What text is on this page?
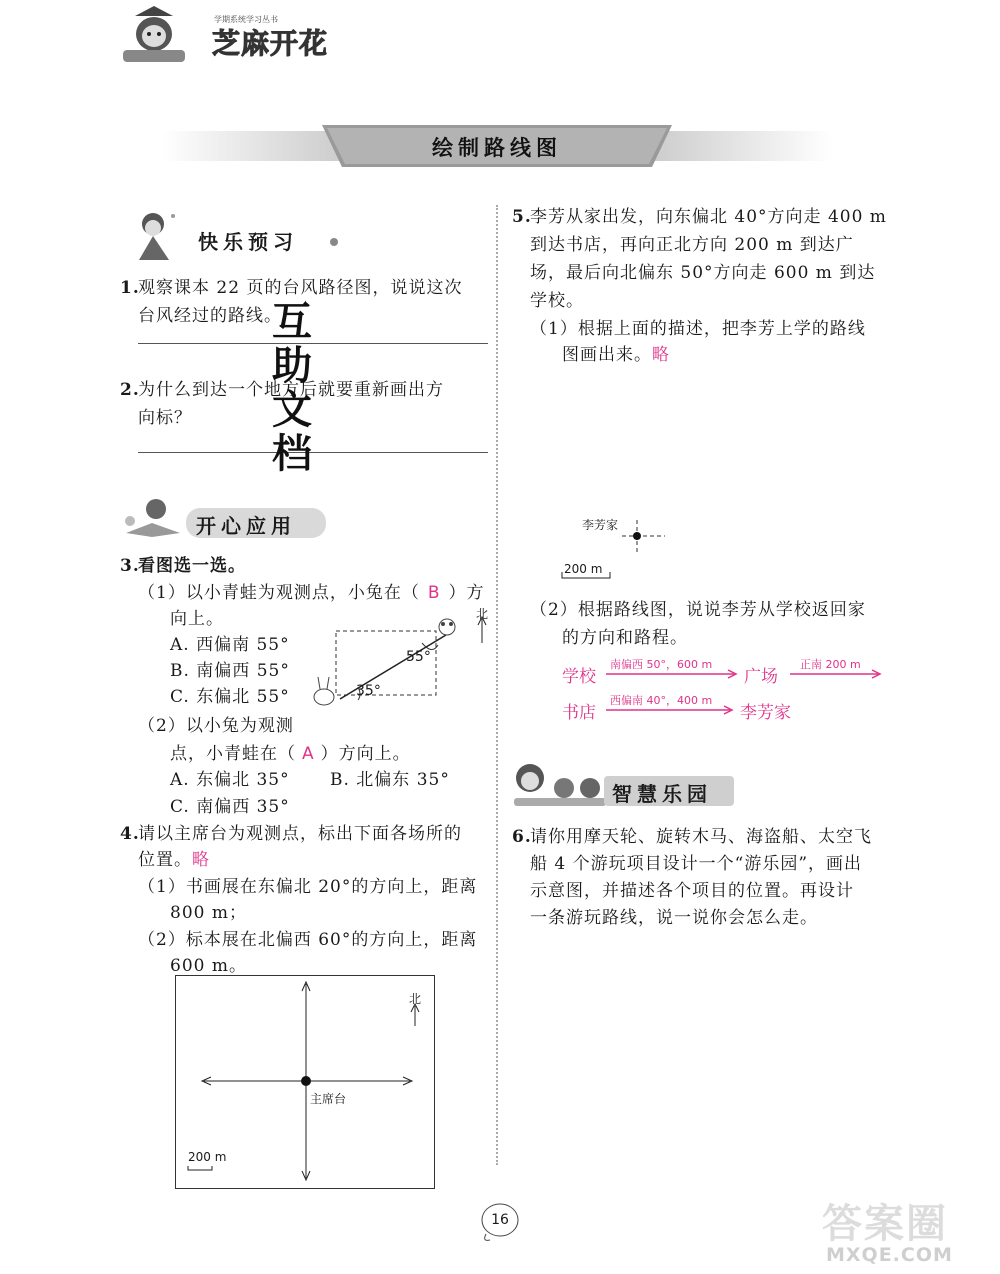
学期系统学习丛书
芝麻开花
绘制路线图
快乐预习
1.
观察课本 22 页的台风路径图，说说这次
台风经过的路线。
2.
为什么到达一个地方后就要重新画出方
向标？
互
助
文
档
开心应用
3.
看图选一选。
（1）以小青蛙为观测点，小兔在（ B ）方
向上。
A. 西偏南 55°
B. 南偏西 55°
C. 东偏北 55°
（2）以小兔为观测
点，小青蛙在（ A ）方向上。
A. 东偏北 35° B. 北偏东 35°
C. 南偏西 35°
北
55°
35°
4.
请以主席台为观测点，标出下面各场所的
位置。略
（1）书画展在东偏北 20°的方向上，距离
800 m；
（2）标本展在北偏西 60°的方向上，距离
600 m。
北
主席台
200 m
5.
李芳从家出发，向东偏北 40°方向走 400 m
到达书店，再向正北方向 200 m 到达广
场，最后向北偏东 50°方向走 600 m 到达
学校。
（1）根据上面的描述，把李芳上学的路线
图画出来。略
李芳家
200 m
（2）根据路线图，说说李芳从学校返回家
的方向和路程。
学校
南偏西 50°，600 m
广场
正南 200 m
书店
西偏南 40°，400 m
李芳家
智慧乐园
6.
请你用摩天轮、旋转木马、海盗船、太空飞
船 4 个游玩项目设计一个“游乐园”，画出
示意图，并描述各个项目的位置。再设计
一条游玩路线，说一说你会怎么走。
16	答案圈
MXQE.COM
